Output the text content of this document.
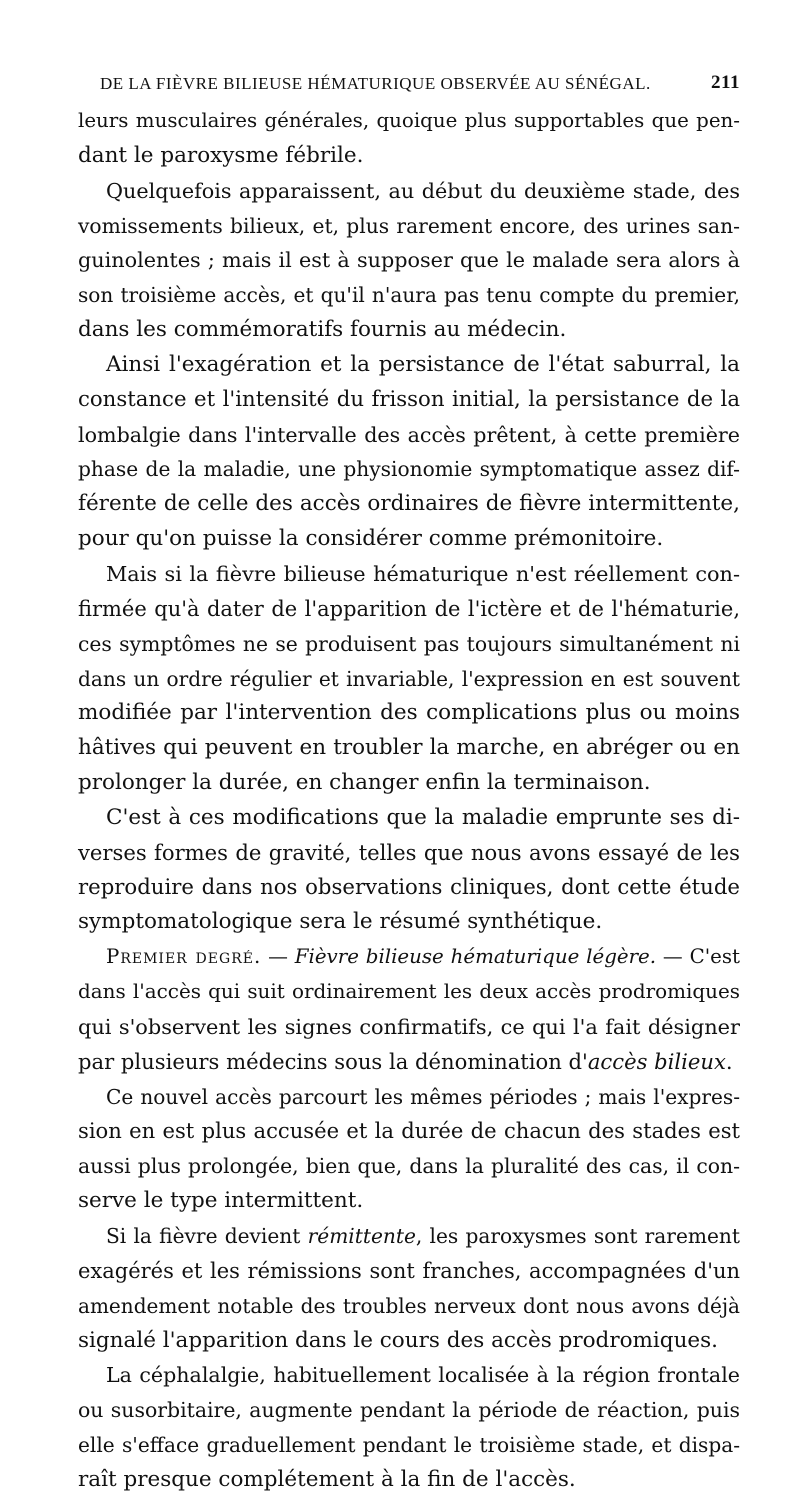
DE LA FIÈVRE BILIEUSE HÉMATURIQUE OBSERVÉE AU SÉNÉGAL.	211
leurs musculaires générales, quoique plus supportables que pen-
dant le paroxysme fébrile.
Quelquefois apparaissent, au début du deuxième stade, des
vomissements bilieux, et, plus rarement encore, des urines san-
guinolentes ; mais il est à supposer que le malade sera alors à
son troisième accès, et qu'il n'aura pas tenu compte du premier,
dans les commémoratifs fournis au médecin.
Ainsi l'exagération et la persistance de l'état saburral, la
constance et l'intensité du frisson initial, la persistance de la
lombalgie dans l'intervalle des accès prêtent, à cette première
phase de la maladie, une physionomie symptomatique assez dif-
férente de celle des accès ordinaires de fièvre intermittente,
pour qu'on puisse la considérer comme prémonitoire.
Mais si la fièvre bilieuse hématurique n'est réellement con-
firmée qu'à dater de l'apparition de l'ictère et de l'hématurie,
ces symptômes ne se produisent pas toujours simultanément ni
dans un ordre régulier et invariable, l'expression en est souvent
modifiée par l'intervention des complications plus ou moins
hâtives qui peuvent en troubler la marche, en abréger ou en
prolonger la durée, en changer enfin la terminaison.
C'est à ces modifications que la maladie emprunte ses di-
verses formes de gravité, telles que nous avons essayé de les
reproduire dans nos observations cliniques, dont cette étude
symptomatologique sera le résumé synthétique.
Premier degré. — Fièvre bilieuse hématurique légère. — C'est
dans l'accès qui suit ordinairement les deux accès prodromiques
qui s'observent les signes confirmatifs, ce qui l'a fait désigner
par plusieurs médecins sous la dénomination d'accès bilieux.
Ce nouvel accès parcourt les mêmes périodes ; mais l'expres-
sion en est plus accusée et la durée de chacun des stades est
aussi plus prolongée, bien que, dans la pluralité des cas, il con-
serve le type intermittent.
Si la fièvre devient rémittente, les paroxysmes sont rarement
exagérés et les rémissions sont franches, accompagnées d'un
amendement notable des troubles nerveux dont nous avons déjà
signalé l'apparition dans le cours des accès prodromiques.
La céphalalgie, habituellement localisée à la région frontale
ou susorbitaire, augmente pendant la période de réaction, puis
elle s'efface graduellement pendant le troisième stade, et dispa-
raît presque complétement à la fin de l'accès.
